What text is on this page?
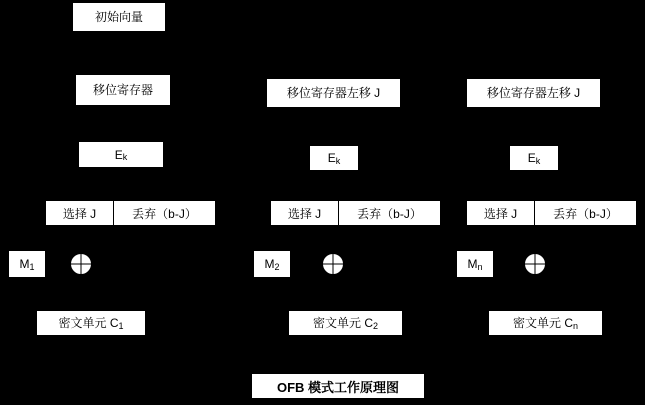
初始向量
移位寄存器
E k
选择 J	丢弃（b-J）
M 1
密文单元 C 1
移位寄存器左移 J
E k
选择 J	丢弃（b-J）
M 2
密文单元 C 2
移位寄存器左移 J
E k
选择 J	丢弃（b-J）
M n
密文单元 C n
OFB 模式工作原理图
